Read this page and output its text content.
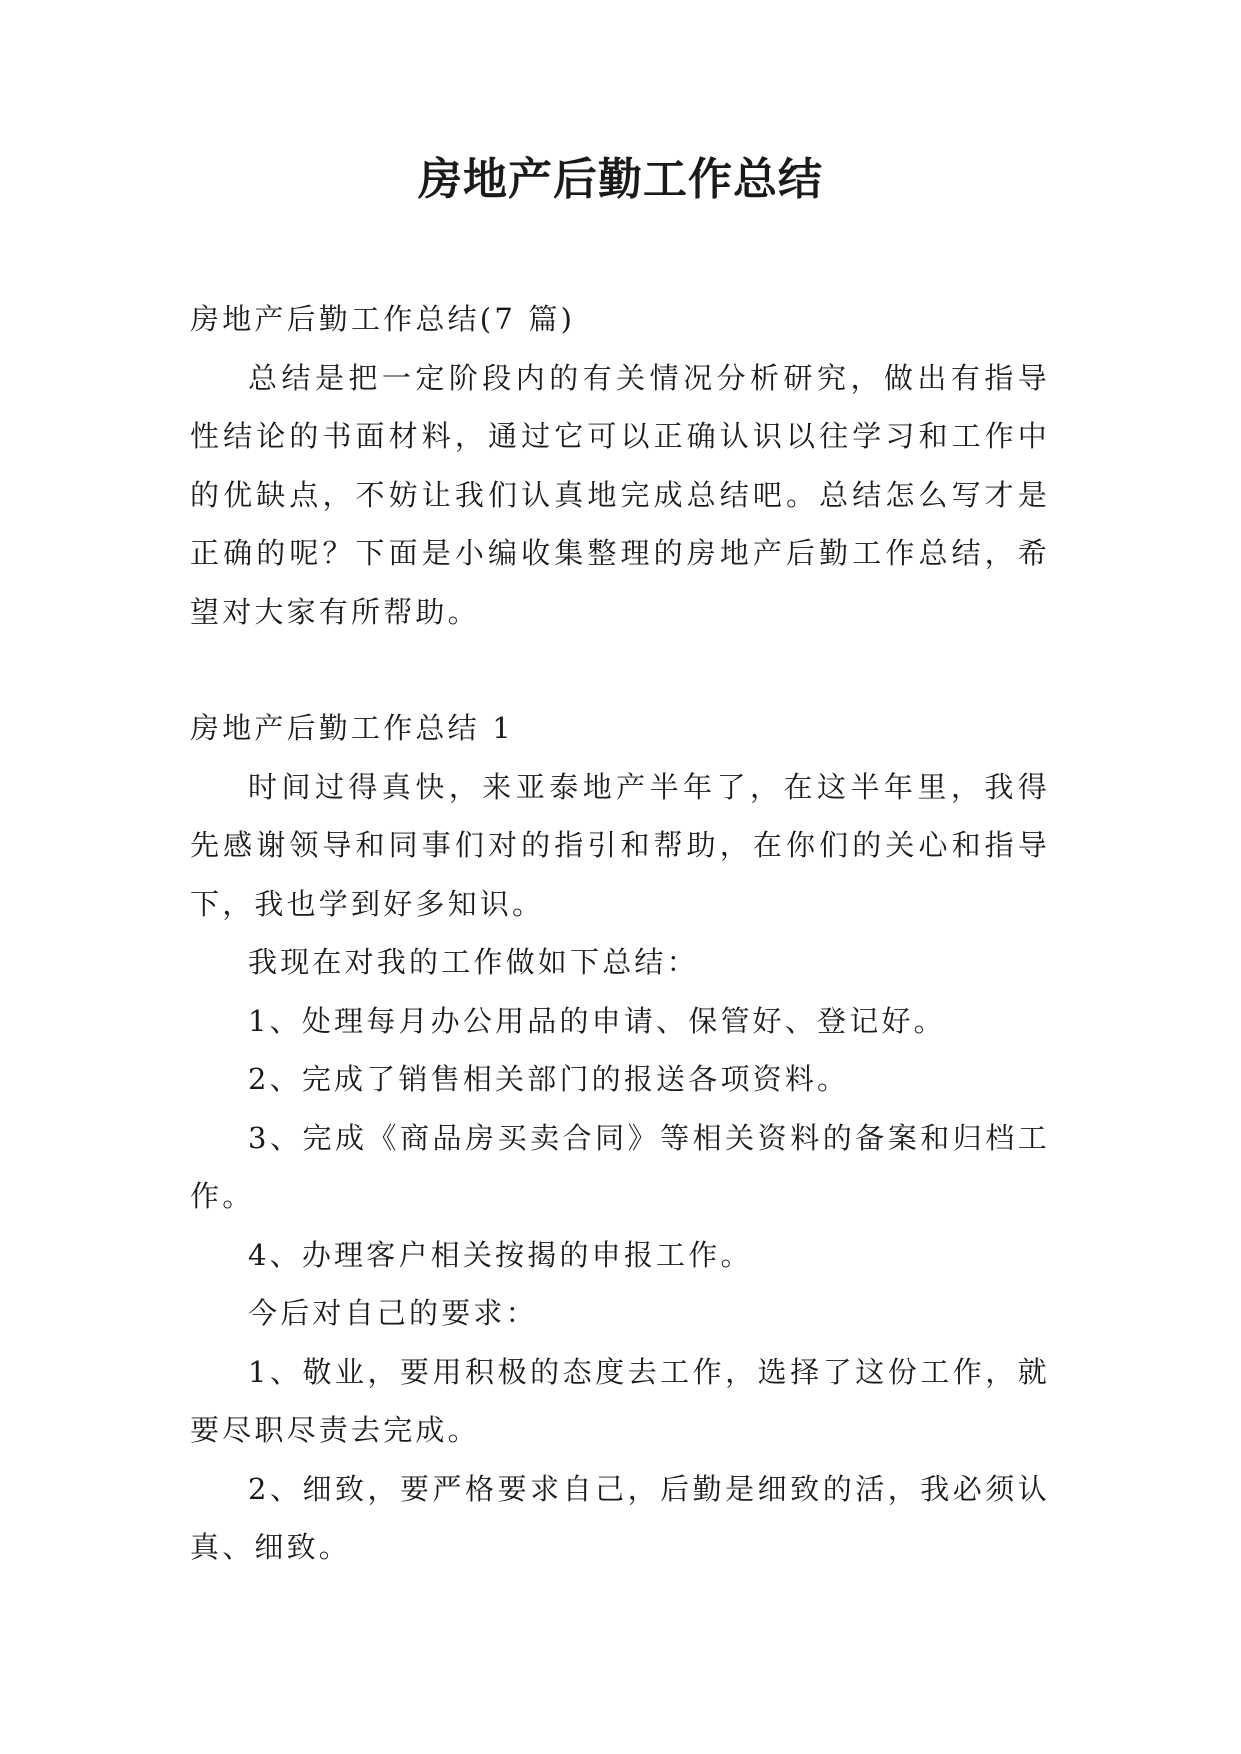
房地产后勤工作总结

房地产后勤工作总结(7 篇)

总结是把一定阶段内的有关情况分析研究，做出有指导性结论的书面材料，通过它可以正确认识以往学习和工作中的优缺点，不妨让我们认真地完成总结吧。总结怎么写才是正确的呢？下面是小编收集整理的房地产后勤工作总结，希望对大家有所帮助。

房地产后勤工作总结 1

时间过得真快，来亚泰地产半年了，在这半年里，我得先感谢领导和同事们对的指引和帮助，在你们的关心和指导下，我也学到好多知识。

我现在对我的工作做如下总结：

1、处理每月办公用品的申请、保管好、登记好。

2、完成了销售相关部门的报送各项资料。

3、完成《商品房买卖合同》等相关资料的备案和归档工作。

4、办理客户相关按揭的申报工作。

今后对自己的要求：

1、敬业，要用积极的态度去工作，选择了这份工作，就要尽职尽责去完成。

2、细致，要严格要求自己，后勤是细致的活，我必须认真、细致。
